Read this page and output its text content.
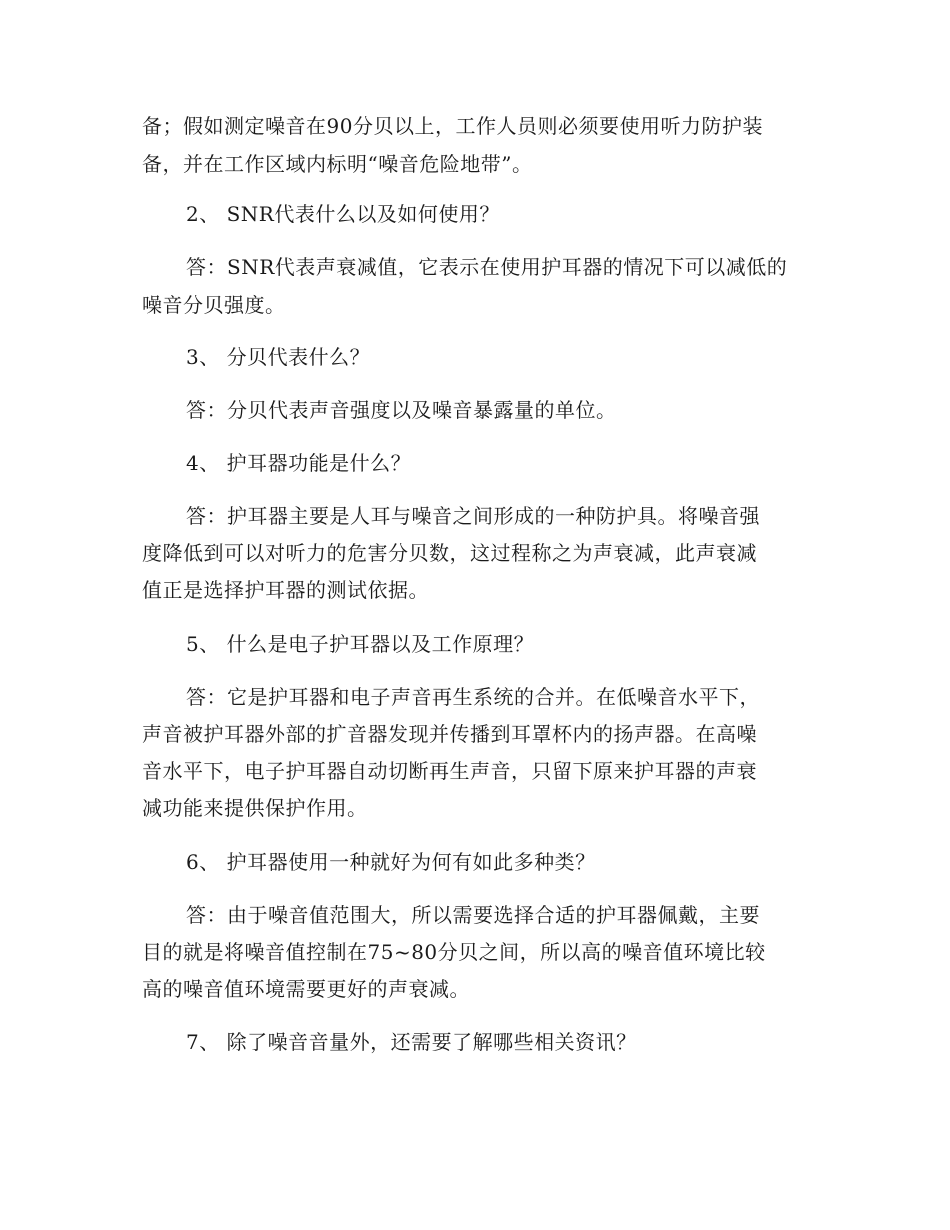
备；假如测定噪音在90分贝以上，工作人员则必须要使用听力防护装
备，并在工作区域内标明“噪音危险地带”。
2、 SNR代表什么以及如何使用？
答：SNR代表声衰减值，它表示在使用护耳器的情况下可以减低的
噪音分贝强度。
3、 分贝代表什么？
答：分贝代表声音强度以及噪音暴露量的单位。
4、 护耳器功能是什么？
答：护耳器主要是人耳与噪音之间形成的一种防护具。将噪音强
度降低到可以对听力的危害分贝数，这过程称之为声衰减，此声衰减
值正是选择护耳器的测试依据。
5、 什么是电子护耳器以及工作原理？
答：它是护耳器和电子声音再生系统的合并。在低噪音水平下，
声音被护耳器外部的扩音器发现并传播到耳罩杯内的扬声器。在高噪
音水平下，电子护耳器自动切断再生声音，只留下原来护耳器的声衰
减功能来提供保护作用。
6、 护耳器使用一种就好为何有如此多种类？
答：由于噪音值范围大，所以需要选择合适的护耳器佩戴，主要
目的就是将噪音值控制在75~80分贝之间，所以高的噪音值环境比较
高的噪音值环境需要更好的声衰减。
7、 除了噪音音量外，还需要了解哪些相关资讯？
